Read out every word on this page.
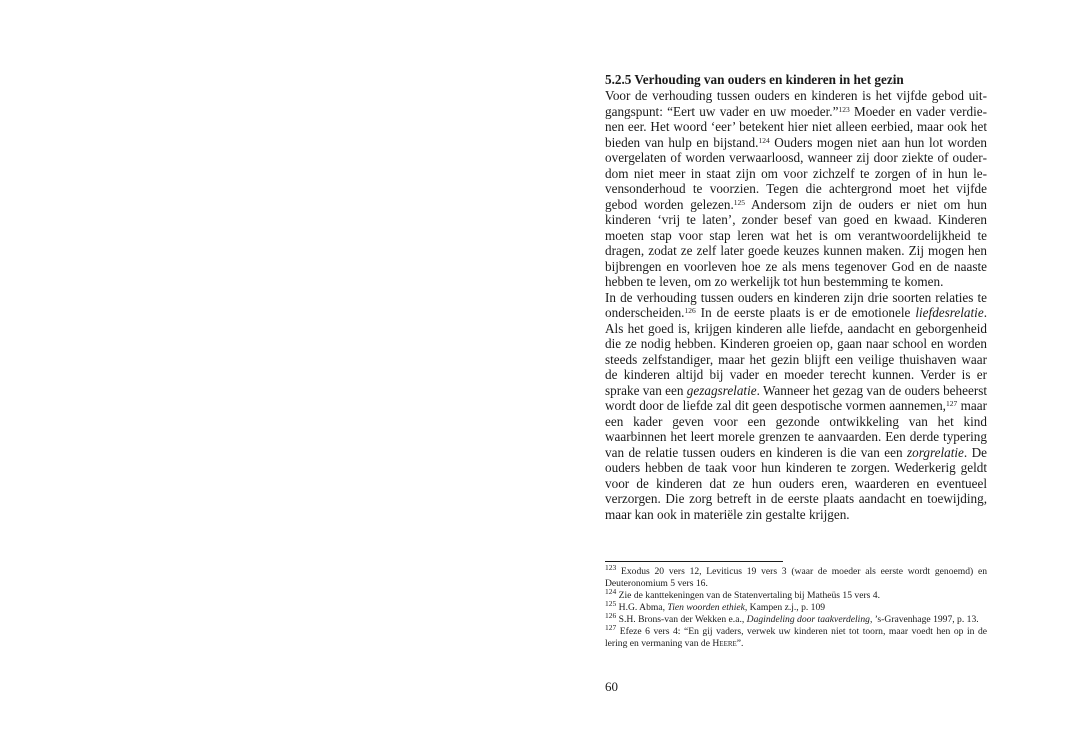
5.2.5 Verhouding van ouders en kinderen in het gezin

Voor de verhouding tussen ouders en kinderen is het vijfde gebod uitgangspunt: “Eert uw vader en uw moeder.”$^{123}$ Moeder en vader verdienen eer. Het woord ‘eer’ betekent hier niet alleen eerbied, maar ook het bieden van hulp en bijstand.$^{124}$ Ouders mogen niet aan hun lot worden overgelaten of worden verwaarloosd, wanneer zij door ziekte of ouderdom niet meer in staat zijn om voor zichzelf te zorgen of in hun levensonderhoud te voorzien. Tegen die achtergrond moet het vijfde gebod worden gelezen.$^{125}$ Andersom zijn de ouders er niet om hun kinderen ‘vrij te laten’, zonder besef van goed en kwaad. Kinderen moeten stap voor stap leren wat het is om verantwoordelijkheid te dragen, zodat ze zelf later goede keuzes kunnen maken. Zij mogen hen bijbrengen en voorleven hoe ze als mens tegenover God en de naaste hebben te leven, om zo werkelijk tot hun bestemming te komen.

In de verhouding tussen ouders en kinderen zijn drie soorten relaties te onderscheiden.$^{126}$ In de eerste plaats is er de emotionele liefdesrelatie. Als het goed is, krijgen kinderen alle liefde, aandacht en geborgenheid die ze nodig hebben. Kinderen groeien op, gaan naar school en worden steeds zelfstandiger, maar het gezin blijft een veilige thuishaven waar de kinderen altijd bij vader en moeder terecht kunnen. Verder is er sprake van een gezagsrelatie. Wanneer het gezag van de ouders beheerst wordt door de liefde zal dit geen despotische vormen aannemen,$^{127}$ maar een kader geven voor een gezonde ontwikkeling van het kind waarbinnen het leert morele grenzen te aanvaarden. Een derde typering van de relatie tussen ouders en kinderen is die van een zorgrelatie. De ouders hebben de taak voor hun kinderen te zorgen. Wederkerig geldt voor de kinderen dat ze hun ouders eren, waarderen en eventueel verzorgen. Die zorg betreft in de eerste plaats aandacht en toewijding, maar kan ook in materiële zin gestalte krijgen.

$^{123}$ Exodus 20 vers 12, Leviticus 19 vers 3 (waar de moeder als eerste wordt genoemd) en Deuteronomium 5 vers 16.

$^{124}$ Zie de kanttekeningen van de Statenvertaling bij Matheüs 15 vers 4.

$^{125}$ H.G. Abma, Tien woorden ethiek, Kampen z.j., p. 109

$^{126}$ S.H. Brons-van der Wekken e.a., Dagindeling door taakverdeling, ’s-Gravenhage 1997, p. 13.

$^{127}$ Efeze 6 vers 4: “En gij vaders, verwek uw kinderen niet tot toorn, maar voedt hen op in de lering en vermaning van de Heere”.

60
